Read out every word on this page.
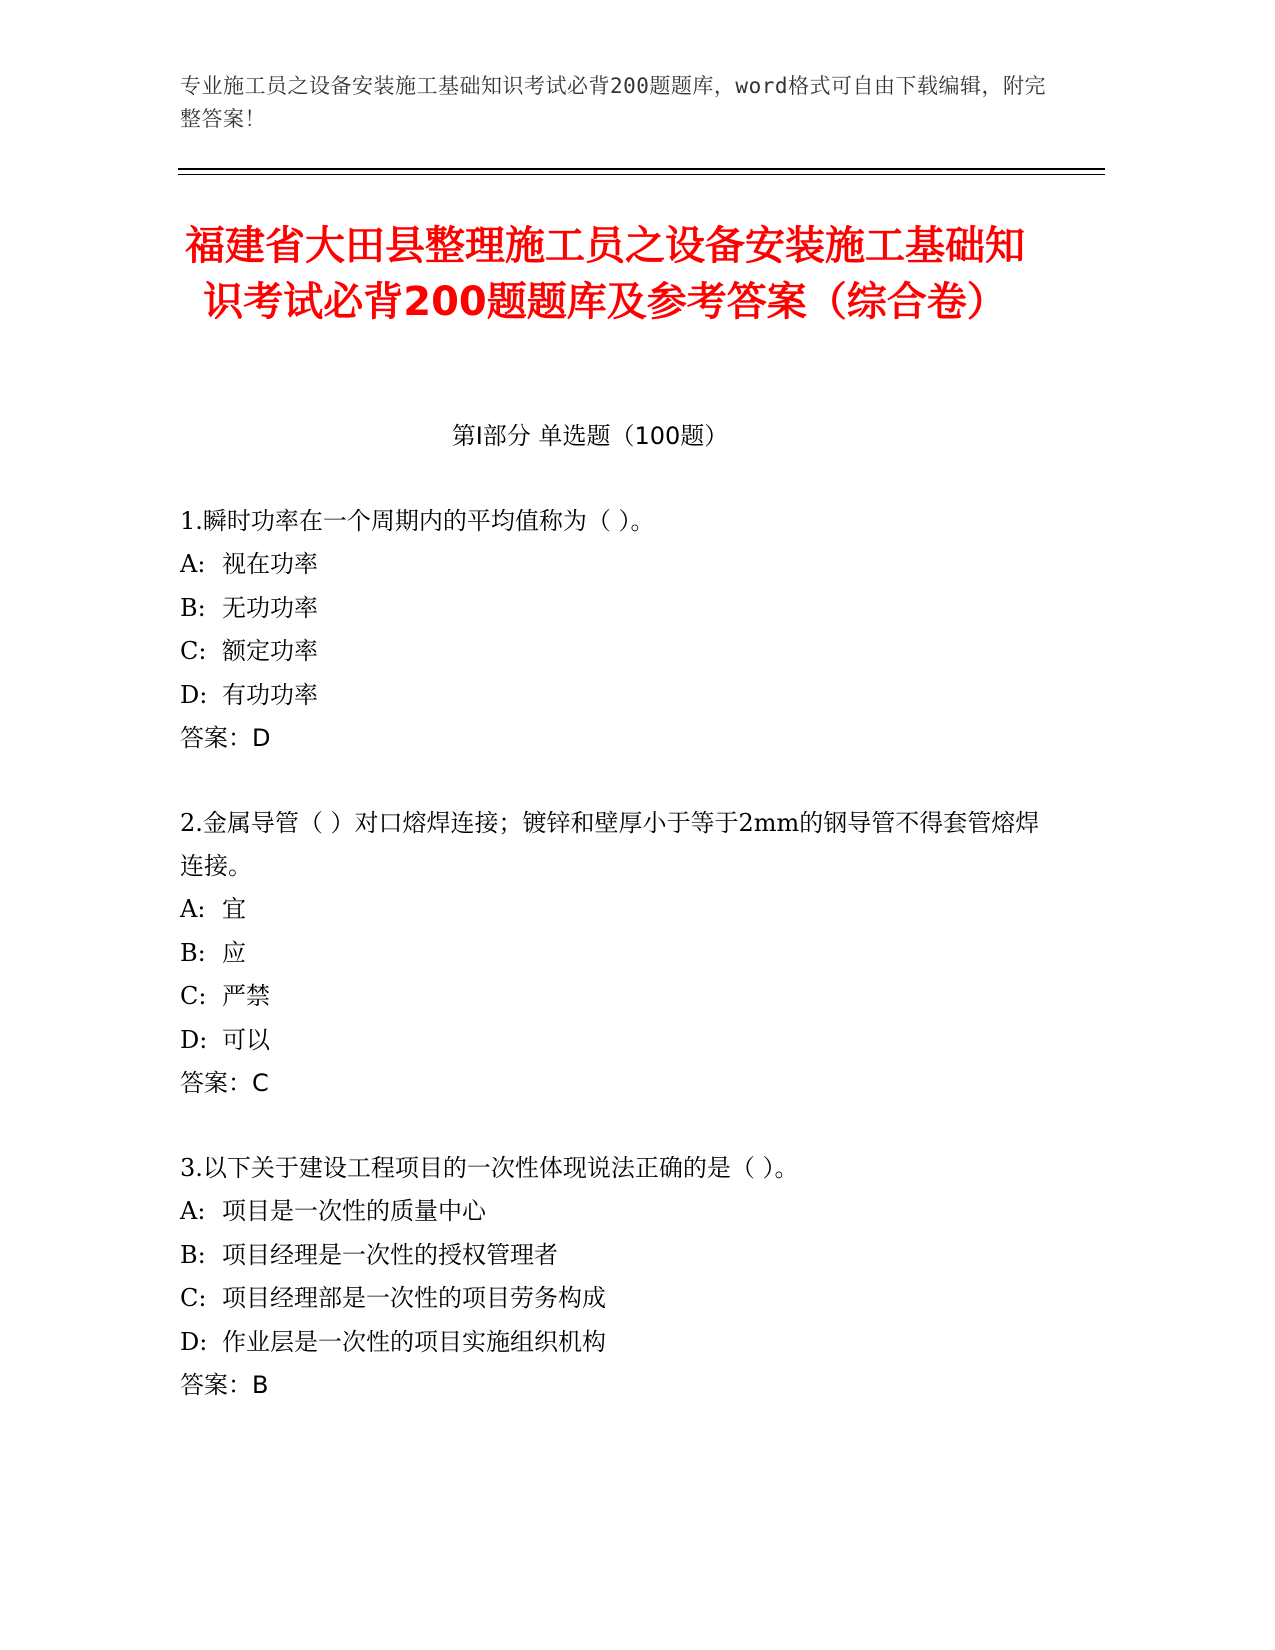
专业施工员之设备安装施工基础知识考试必背200题题库，word格式可自由下载编辑，附完整答案！
福建省大田县整理施工员之设备安装施工基础知识考试必背200题题库及参考答案（综合卷）
第I部分 单选题（100题）
1.瞬时功率在一个周期内的平均值称为（ ）。
A: 视在功率
B: 无功功率
C: 额定功率
D: 有功功率
答案：D
2.金属导管（ ）对口熔焊连接；镀锌和壁厚小于等于2mm的钢导管不得套管熔焊连接。
A: 宜
B: 应
C: 严禁
D: 可以
答案：C
3.以下关于建设工程项目的一次性体现说法正确的是（ ）。
A: 项目是一次性的质量中心
B: 项目经理是一次性的授权管理者
C: 项目经理部是一次性的项目劳务构成
D: 作业层是一次性的项目实施组织机构
答案：B
